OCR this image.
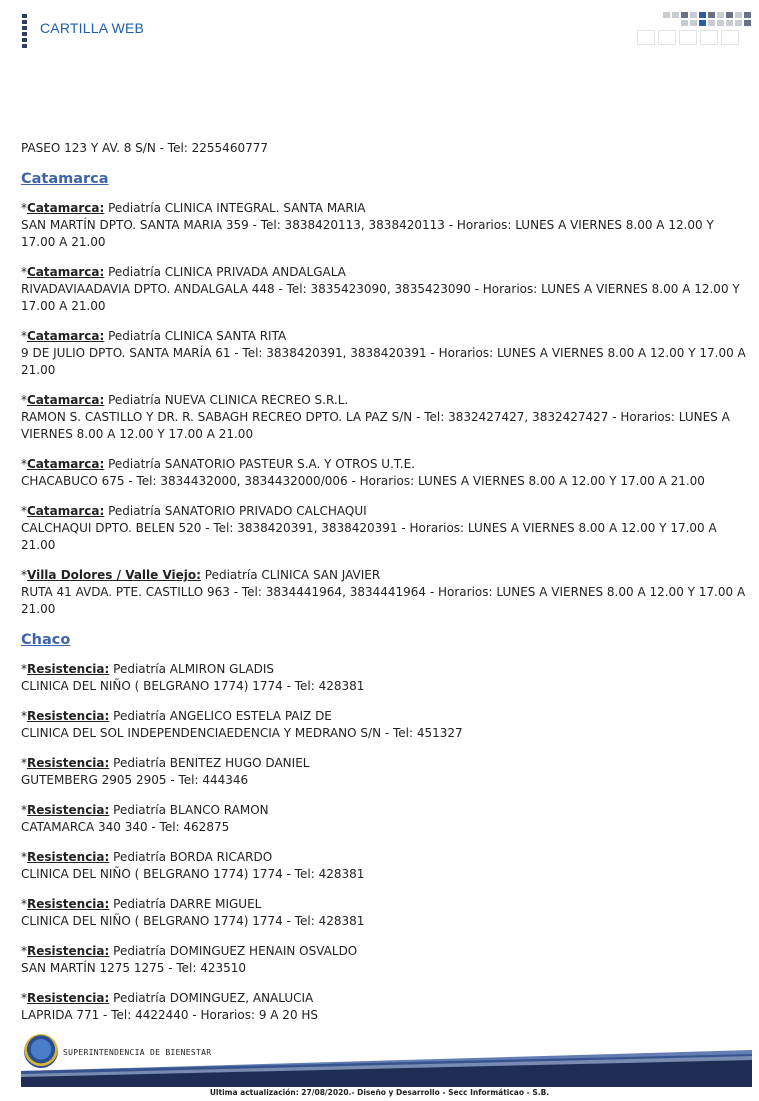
CARTILLA WEB

PASEO 123 Y AV. 8 S/N - Tel: 2255460777

Catamarca

*Catamarca: Pediatría CLINICA INTEGRAL. SANTA MARIA

SAN MARTÍN DPTO. SANTA MARIA 359 - Tel: 3838420113, 3838420113 - Horarios: LUNES A VIERNES 8.00 A 12.00 Y 17.00 A 21.00

*Catamarca: Pediatría CLINICA PRIVADA ANDALGALA

RIVADAVIAADAVIA DPTO. ANDALGALA 448 - Tel: 3835423090, 3835423090 - Horarios: LUNES A VIERNES 8.00 A 12.00 Y 17.00 A 21.00

*Catamarca: Pediatría CLINICA SANTA RITA

9 DE JULIO DPTO. SANTA MARÍA 61 - Tel: 3838420391, 3838420391 - Horarios: LUNES A VIERNES 8.00 A 12.00 Y 17.00 A 21.00

*Catamarca: Pediatría NUEVA CLINICA RECREO S.R.L.

RAMON S. CASTILLO Y DR. R. SABAGH RECREO DPTO. LA PAZ S/N - Tel: 3832427427, 3832427427 - Horarios: LUNES A VIERNES 8.00 A 12.00 Y 17.00 A 21.00

*Catamarca: Pediatría SANATORIO PASTEUR S.A. Y OTROS U.T.E.

CHACABUCO 675 - Tel: 3834432000, 3834432000/006 - Horarios: LUNES A VIERNES 8.00 A 12.00 Y 17.00 A 21.00

*Catamarca: Pediatría SANATORIO PRIVADO CALCHAQUI

CALCHAQUI DPTO. BELEN 520 - Tel: 3838420391, 3838420391 - Horarios: LUNES A VIERNES 8.00 A 12.00 Y 17.00 A 21.00

*Villa Dolores / Valle Viejo: Pediatría CLINICA SAN JAVIER

RUTA 41 AVDA. PTE. CASTILLO 963 - Tel: 3834441964, 3834441964 - Horarios: LUNES A VIERNES 8.00 A 12.00 Y 17.00 A 21.00

Chaco

*Resistencia: Pediatría ALMIRON GLADIS

CLINICA DEL NIÑO ( BELGRANO 1774) 1774 - Tel: 428381

*Resistencia: Pediatría ANGELICO ESTELA PAIZ DE

CLINICA DEL SOL INDEPENDENCIAEDENCIA Y MEDRANO S/N - Tel: 451327

*Resistencia: Pediatría BENITEZ HUGO DANIEL

GUTEMBERG 2905 2905 - Tel: 444346

*Resistencia: Pediatría BLANCO RAMON

CATAMARCA 340 340 - Tel: 462875

*Resistencia: Pediatría BORDA RICARDO

CLINICA DEL NIÑO ( BELGRANO 1774) 1774 - Tel: 428381

*Resistencia: Pediatría DARRE MIGUEL

CLINICA DEL NIÑO ( BELGRANO 1774) 1774 - Tel: 428381

*Resistencia: Pediatría DOMINGUEZ HENAIN OSVALDO

SAN MARTÍN 1275 1275 - Tel: 423510

*Resistencia: Pediatría DOMINGUEZ, ANALUCIA

LAPRIDA 771 - Tel: 4422440 - Horarios: 9 A 20 HS

SUPERINTENDENCIA DE BIENESTAR
Ultima actualización: 27/08/2020.- Diseño y Desarrollo - Secc Informáticao - S.B.
